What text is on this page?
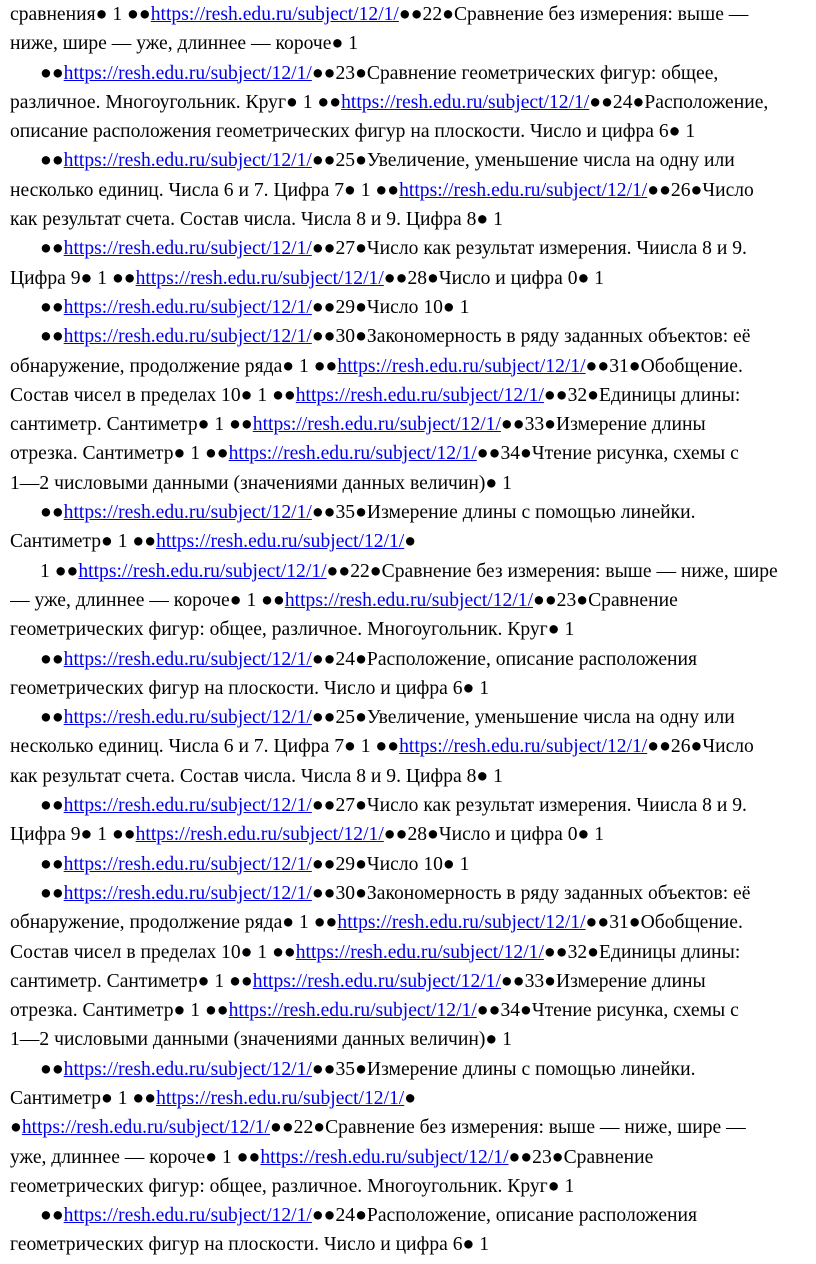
сравнения● 1 ●●https://resh.edu.ru/subject/12/1/●●22●Сравнение без измерения: выше —
ниже, шире — уже, длиннее — короче● 1
●●https://resh.edu.ru/subject/12/1/●●23●Сравнение геометрических фигур: общее,
различное. Многоугольник. Круг● 1 ●●https://resh.edu.ru/subject/12/1/●●24●Расположение,
описание расположения геометрических фигур на плоскости. Число и цифра 6● 1
●●https://resh.edu.ru/subject/12/1/●●25●Увеличение, уменьшение числа на одну или
несколько единиц. Числа 6 и 7. Цифра 7● 1 ●●https://resh.edu.ru/subject/12/1/●●26●Число
как результат счета. Состав числа. Числа 8 и 9. Цифра 8● 1
●●https://resh.edu.ru/subject/12/1/●●27●Число как результат измерения. Чиисла 8 и 9.
Цифра 9● 1 ●●https://resh.edu.ru/subject/12/1/●●28●Число и цифра 0● 1
●●https://resh.edu.ru/subject/12/1/●●29●Число 10● 1
●●https://resh.edu.ru/subject/12/1/●●30●Закономерность в ряду заданных объектов: её
обнаружение, продолжение ряда● 1 ●●https://resh.edu.ru/subject/12/1/●●31●Обобщение.
Состав чисел в пределах 10● 1 ●●https://resh.edu.ru/subject/12/1/●●32●Единицы длины:
сантиметр. Сантиметр● 1 ●●https://resh.edu.ru/subject/12/1/●●33●Измерение длины
отрезка. Сантиметр● 1 ●●https://resh.edu.ru/subject/12/1/●●34●Чтение рисунка, схемы с
1—2 числовыми данными (значениями данных величин)● 1
●●https://resh.edu.ru/subject/12/1/●●35●Измерение длины с помощью линейки.
Сантиметр● 1 ●●https://resh.edu.ru/subject/12/1/●
1 ●●https://resh.edu.ru/subject/12/1/●●22●Сравнение без измерения: выше — ниже, шире
— уже, длиннее — короче● 1 ●●https://resh.edu.ru/subject/12/1/●●23●Сравнение
геометрических фигур: общее, различное. Многоугольник. Круг● 1
●●https://resh.edu.ru/subject/12/1/●●24●Расположение, описание расположения
геометрических фигур на плоскости. Число и цифра 6● 1
●●https://resh.edu.ru/subject/12/1/●●25●Увеличение, уменьшение числа на одну или
несколько единиц. Числа 6 и 7. Цифра 7● 1 ●●https://resh.edu.ru/subject/12/1/●●26●Число
как результат счета. Состав числа. Числа 8 и 9. Цифра 8● 1
●●https://resh.edu.ru/subject/12/1/●●27●Число как результат измерения. Чиисла 8 и 9.
Цифра 9● 1 ●●https://resh.edu.ru/subject/12/1/●●28●Число и цифра 0● 1
●●https://resh.edu.ru/subject/12/1/●●29●Число 10● 1
●●https://resh.edu.ru/subject/12/1/●●30●Закономерность в ряду заданных объектов: её
обнаружение, продолжение ряда● 1 ●●https://resh.edu.ru/subject/12/1/●●31●Обобщение.
Состав чисел в пределах 10● 1 ●●https://resh.edu.ru/subject/12/1/●●32●Единицы длины:
сантиметр. Сантиметр● 1 ●●https://resh.edu.ru/subject/12/1/●●33●Измерение длины
отрезка. Сантиметр● 1 ●●https://resh.edu.ru/subject/12/1/●●34●Чтение рисунка, схемы с
1—2 числовыми данными (значениями данных величин)● 1
●●https://resh.edu.ru/subject/12/1/●●35●Измерение длины с помощью линейки.
Сантиметр● 1 ●●https://resh.edu.ru/subject/12/1/●
●https://resh.edu.ru/subject/12/1/●●22●Сравнение без измерения: выше — ниже, шире —
уже, длиннее — короче● 1 ●●https://resh.edu.ru/subject/12/1/●●23●Сравнение
геометрических фигур: общее, различное. Многоугольник. Круг● 1
●●https://resh.edu.ru/subject/12/1/●●24●Расположение, описание расположения
геометрических фигур на плоскости. Число и цифра 6● 1
